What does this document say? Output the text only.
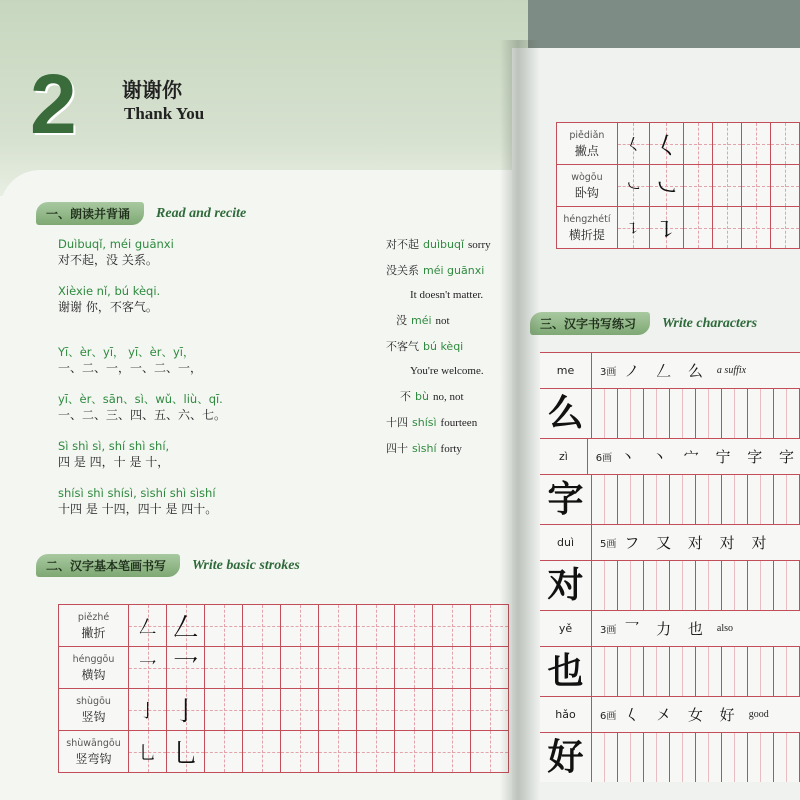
2 谢谢你
Thank You
一、朗读并背诵	Read and recite
Duìbuqǐ, méi guānxi
对不起，没 关系。
Xièxie nǐ, bú kèqi.
谢谢 你，不客气。
Yī、èr、yī， yī、èr、yī，
一、二、一，一、二、一，
yī、èr、sān、sì、wǔ、liù、qī.
一、二、三、四、五、六、七。
Sì shì sì, shí shì shí,
四 是 四，十 是 十，
shísì shì shísì, sìshí shì sìshí
十四 是 十四，四十 是 四十。
对不起 duìbuqǐ sorry
没关系 méi guānxi
It doesn't matter.
没 méi not
不客气 bú kèqi
You're welcome.
不 bù no, not
十四 shísì fourteen
四十 sìshí forty
二、汉字基本笔画书写	Write basic strokes
piězhé
撇折	𠃋	𠃋								

hénggōu
横钩	乛	乛								

shùgōu
竖钩	亅	亅								

shùwāngōu
竖弯钩	乚	乚								

piědiǎn
撇点	𡿨	𡿨				

wògōu
卧钩	㇃	㇃				

héngzhétí
横折提	㇊	㇊				

三、汉字书写练习	Write characters
me	3画 ノ 𠃋 么 a suffix
么
zì	6画 丶 丶 宀 宁 字 字
字
duì	5画 フ 又 对 对 对
对
yě	3画 乛 力 也 also
也
hǎo	6画 𡿨 㐅 女 好 good
好
